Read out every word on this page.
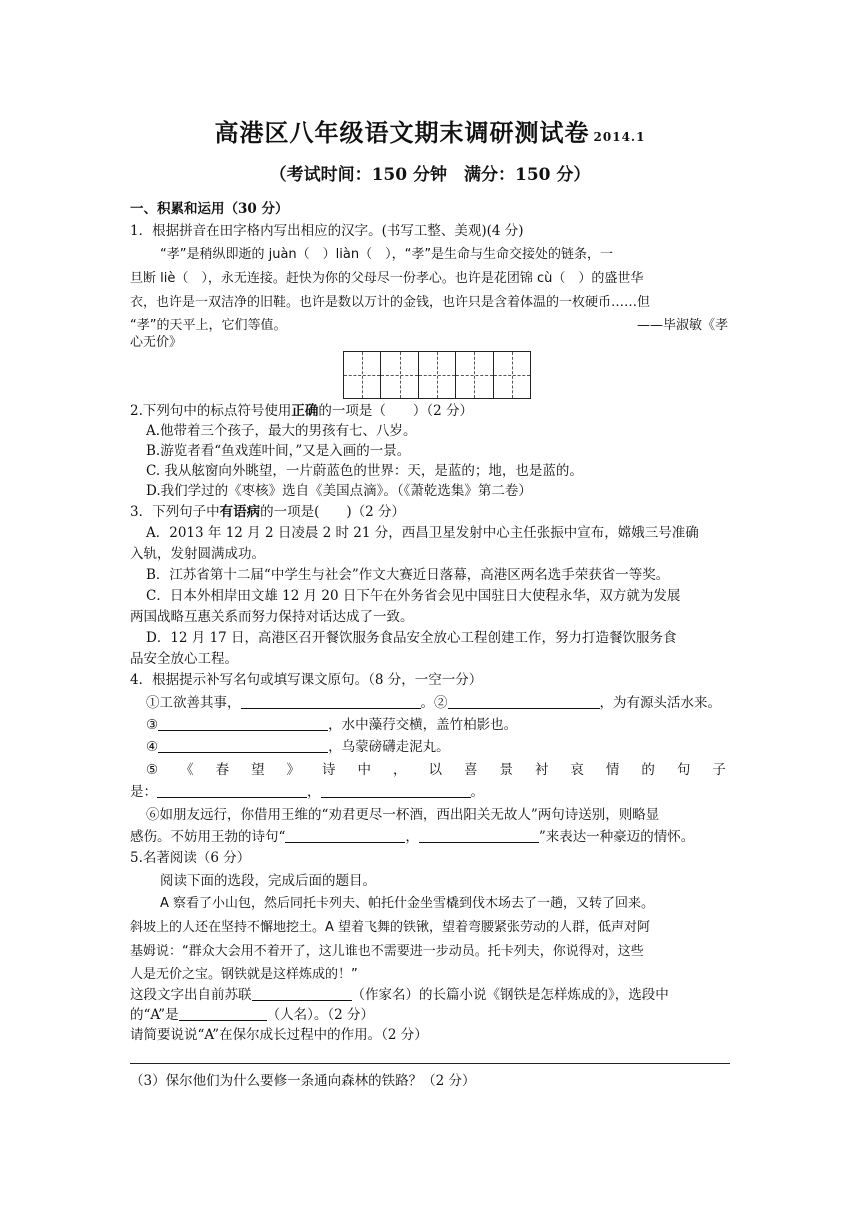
高港区八年级语文期末调研测试卷 2014.1
（考试时间：150 分钟　满分：150 分）
一、积累和运用（30 分）
1．根据拼音在田字格内写出相应的汉字。(书写工整、美观)(4 分)
“孝”是稍纵即逝的 juàn（　）liàn（　），“孝”是生命与生命交接处的链条，一
旦断 liè（　），永无连接。赶快为你的父母尽一份孝心。也许是花团锦 cù（　）的盛世华
衣，也许是一双洁净的旧鞋。也许是数以万计的金钱，也许只是含着体温的一枚硬币……但
“孝”的天平上，它们等值。	——毕淑敏《孝
心无价》
2.下列句中的标点符号使用正确的一项是（　　）（2 分）
A.他带着三个孩子，最大的男孩有七、八岁。
B.游览者看“鱼戏莲叶间，”又是入画的一景。
C. 我从舷窗向外眺望，一片蔚蓝色的世界：天，是蓝的；地，也是蓝的。
D.我们学过的《枣核》选自《美国点滴》。（《萧乾选集》第二卷）
3．下列句子中有语病的一项是(　　)（2 分）
A．2013 年 12 月 2 日凌晨 2 时 21 分，西昌卫星发射中心主任张振中宣布，嫦娥三号准确
入轨，发射圆满成功。
B．江苏省第十二届“中学生与社会”作文大赛近日落幕，高港区两名选手荣获省一等奖。
C．日本外相岸田文雄 12 月 20 日下午在外务省会见中国驻日大使程永华，双方就为发展
两国战略互惠关系而努力保持对话达成了一致。
D．12 月 17 日，高港区召开餐饮服务食品安全放心工程创建工作，努力打造餐饮服务食
品安全放心工程。
4．根据提示补写名句或填写课文原句。（8 分，一空一分）
①工欲善其事，	。②	，为有源头活水来。
③	，水中藻荇交横，盖竹柏影也。
④	，乌蒙磅礴走泥丸。
⑤ 《 春 望 》 诗 中 ， 以 喜 景 衬 哀 情 的 句 子
是：	，	。
⑥如朋友远行，你借用王维的“劝君更尽一杯酒，西出阳关无故人”两句诗送别，则略显
感伤。不妨用王勃的诗句“	，	”来表达一种豪迈的情怀。
5.名著阅读（6 分）
阅读下面的选段，完成后面的题目。
A 察看了小山包，然后同托卡列夫、帕托什金坐雪橇到伐木场去了一趟，又转了回来。
斜坡上的人还在坚持不懈地挖土。A 望着飞舞的铁锹，望着弯腰紧张劳动的人群，低声对阿
基姆说：“群众大会用不着开了，这儿谁也不需要进一步动员。托卡列夫，你说得对，这些
人是无价之宝。钢铁就是这样炼成的！”
这段文字出自前苏联	（作家名）的长篇小说《钢铁是怎样炼成的》，选段中
的“A”是	（人名）。（2 分）
请简要说说“A”在保尔成长过程中的作用。（2 分）
（3）保尔他们为什么要修一条通向森林的铁路？（2 分）
